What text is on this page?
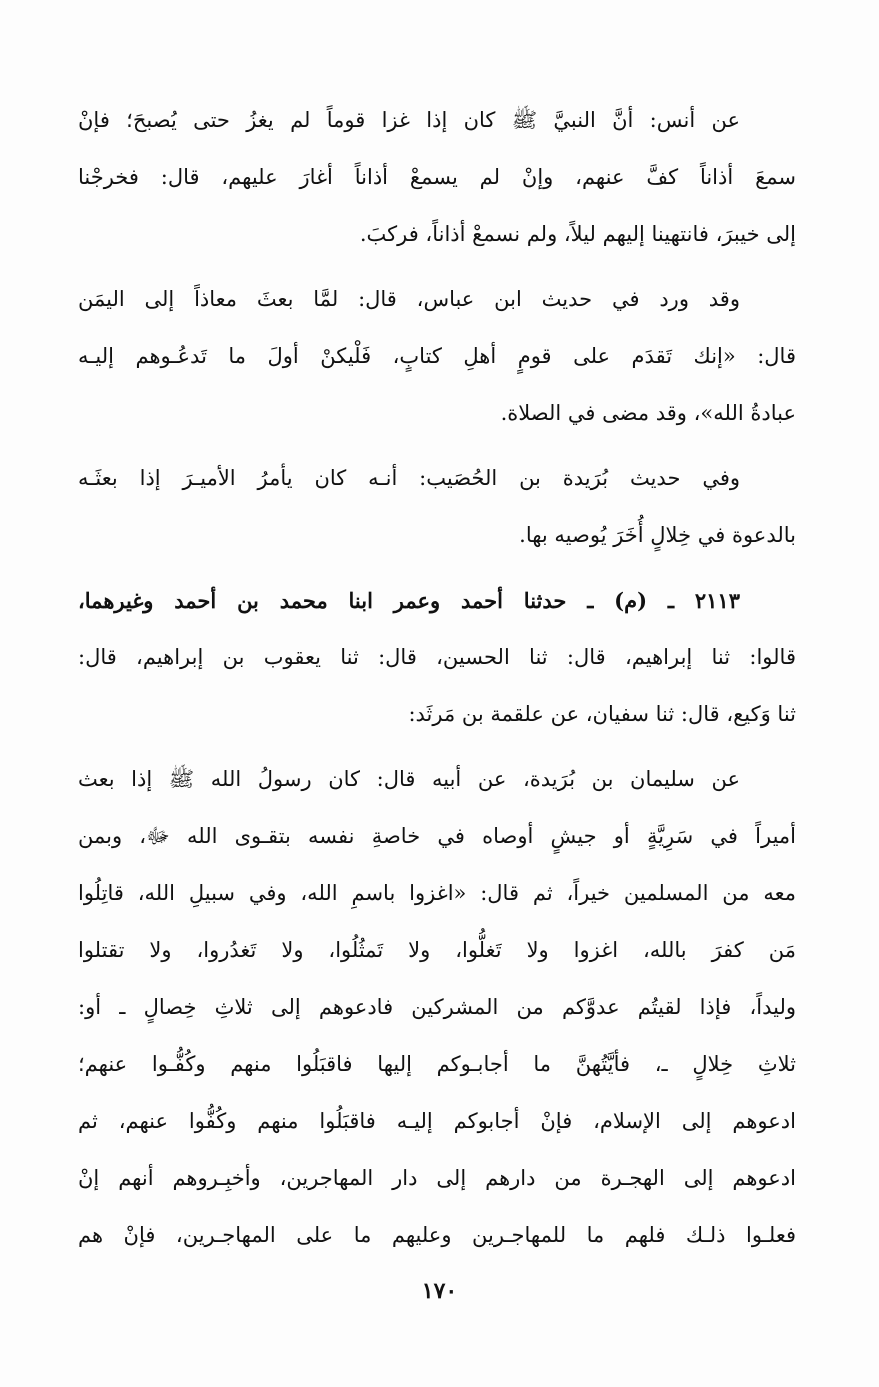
عن أنس: أنَّ النبيَّ ﷺ كان إذا غزا قوماً لم يغزُ حتى يُصبحَ؛ فإنْ
سمعَ أذاناً كفَّ عنهم، وإنْ لم يسمعْ أذاناً أغارَ عليهم، قال: فخرجْنا
إلى خيبرَ، فانتهينا إليهم ليلاً، ولم نسمعْ أذاناً، فركبَ.

وقد ورد في حديث ابن عباس، قال: لمَّا بعثَ معاذاً إلى اليمَن
قال: «إنك تَقدَم على قومٍ أهلِ كتابٍ، فَلْيكنْ أولَ ما تَدعُـوهم إليـه
عبادةُ الله»، وقد مضى في الصلاة.

وفي حديث بُرَيدة بن الحُصَيب: أنـه كان يأمرُ الأميـرَ إذا بعثَـه
بالدعوة في خِلالٍ أُخَرَ يُوصيه بها.

٢١١٣ ـ (م) ـ حدثنا أحمد وعمر ابنا محمد بن أحمد وغيرهما،
قالوا: ثنا إبراهيم، قال: ثنا الحسين، قال: ثنا يعقوب بن إبراهيم، قال:
ثنا وَكيع، قال: ثنا سفيان، عن علقمة بن مَرثَد:

عن سليمان بن بُرَيدة، عن أبيه قال: كان رسولُ الله ﷺ إذا بعث
أميراً في سَرِيَّةٍ أو جيشٍ أوصاه في خاصةِ نفسه بتقـوى الله ﷻ، وبمن
معه من المسلمين خيراً، ثم قال: «اغزوا باسمِ الله، وفي سبيلِ الله، قاتِلُوا
مَن كفرَ بالله، اغزوا ولا تَغلُّوا، ولا تَمثُلُوا، ولا تَغدُروا، ولا تقتلوا
وليداً، فإذا لقيتُم عدوَّكم من المشركين فادعوهم إلى ثلاثِ خِصالٍ ـ أو:
ثلاثِ خِلالٍ ـ، فأيَّتُهنَّ ما أجابـوكم إليها فاقبَلُوا منهم وكُفُّـوا عنهم؛
ادعوهم إلى الإسلام، فإنْ أجابوكم إليـه فاقبَلُوا منهم وكُفُّوا عنهم، ثم
ادعوهم إلى الهجـرة من دارهم إلى دار المهاجرين، وأخبِـروهم أنهم إنْ
فعلـوا ذلـك فلهم ما للمهاجـرين وعليهم ما على المهاجـرين، فإنْ هم

١٧٠
